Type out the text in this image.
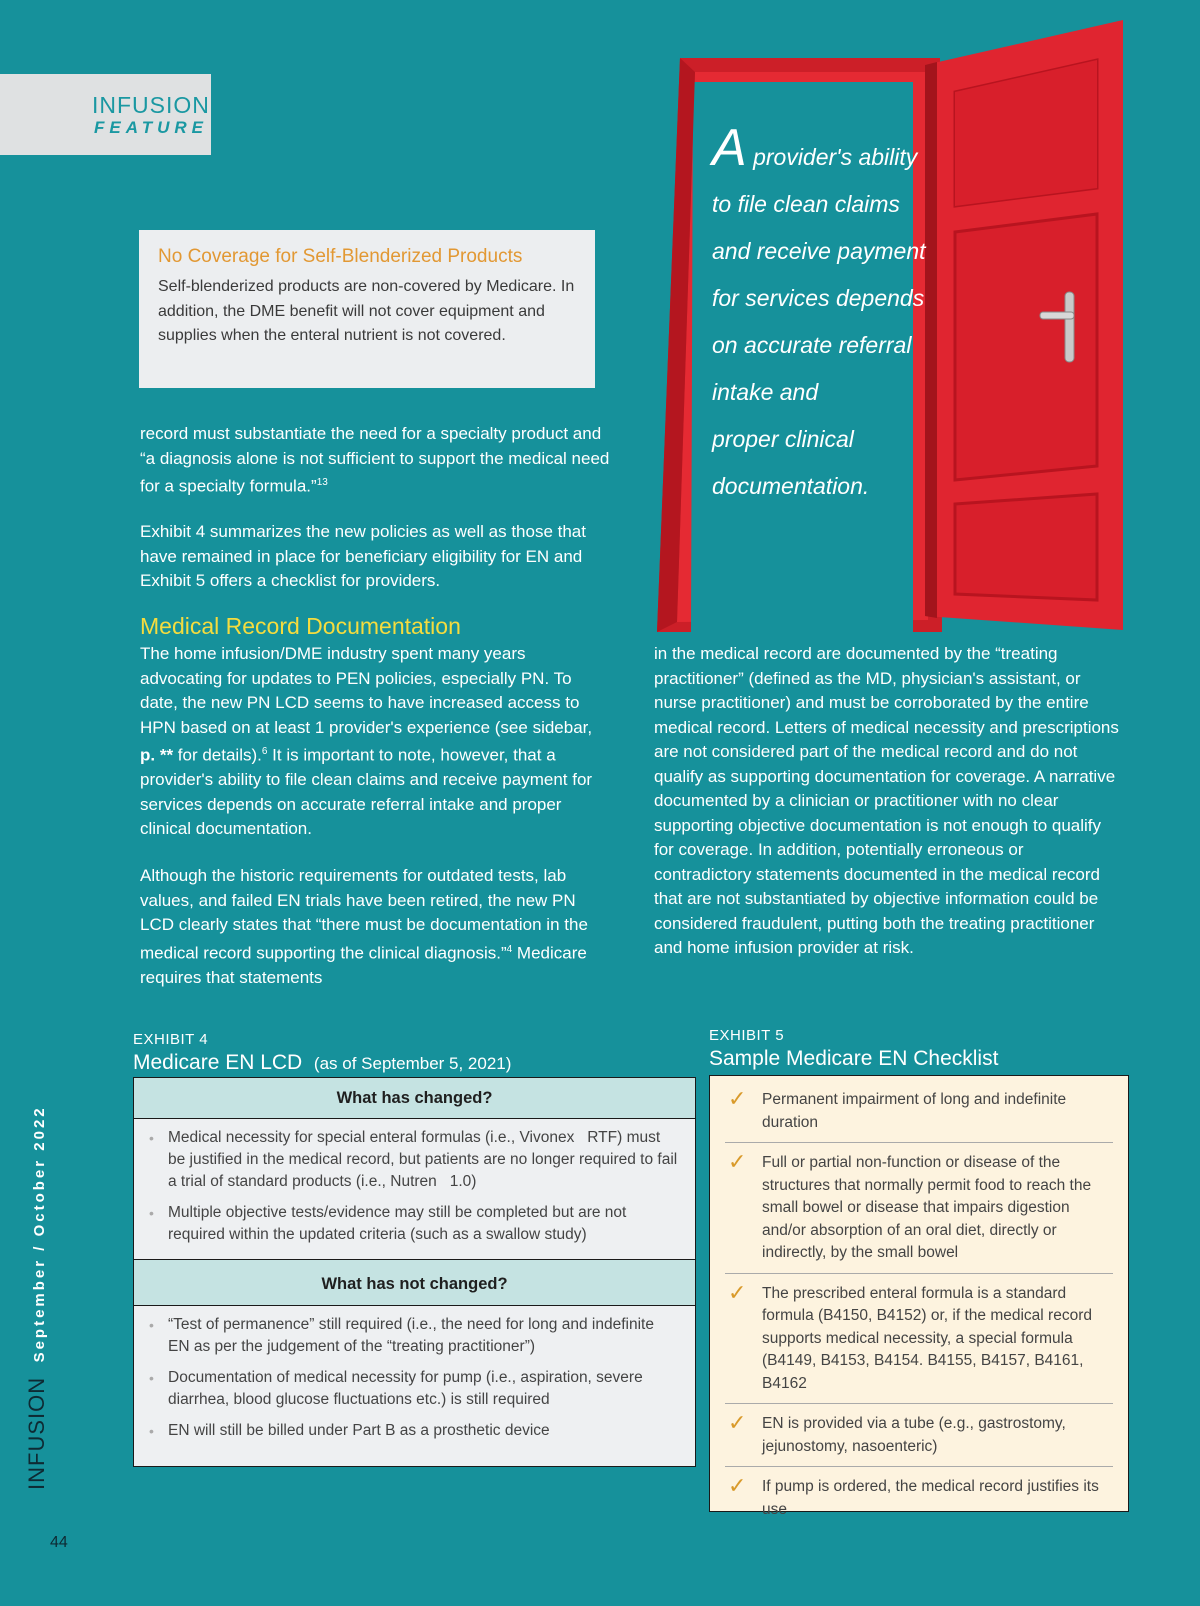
INFUSION
FEATURE	A provider's ability
to file clean claims
and receive payment
for services depends
on accurate referral
intake and
proper clinical
documentation.
No Coverage for Self-Blenderized Products

Self-blenderized products are non-covered by Medicare. In addition, the DME benefit will not cover equipment and supplies when the enteral nutrient is not covered.

record must substantiate the need for a specialty product and “a diagnosis alone is not sufficient to support the medical need for a specialty formula.”$^{13}$

Exhibit 4 summarizes the new policies as well as those that have remained in place for beneficiary eligibility for EN and Exhibit 5 offers a checklist for providers.

Medical Record Documentation

The home infusion/DME industry spent many years advocating for updates to PEN policies, especially PN. To date, the new PN LCD seems to have increased access to HPN based on at least 1 provider's experience (see sidebar, p. ** for details).$^6$ It is important to note, however, that a provider's ability to file clean claims and receive payment for services depends on accurate referral intake and proper clinical documentation.

Although the historic requirements for outdated tests, lab values, and failed EN trials have been retired, the new PN LCD clearly states that “there must be documentation in the medical record supporting the clinical diagnosis.”$^4$ Medicare requires that statements

in the medical record are documented by the “treating practitioner” (defined as the MD, physician's assistant, or nurse practitioner) and must be corroborated by the entire medical record. Letters of medical necessity and prescriptions are not considered part of the medical record and do not qualify as supporting documentation for coverage. A narrative documented by a clinician or practitioner with no clear supporting objective documentation is not enough to qualify for coverage. In addition, potentially erroneous or contradictory statements documented in the medical record that are not substantiated by objective information could be considered fraudulent, putting both the treating practitioner and home infusion provider at risk.

EXHIBIT 4

Medicare EN LCD (as of September 5, 2021)
What has changed?
• Medical necessity for special enteral formulas (i.e., Vivonex   RTF) must be justified in the medical record, but patients are no longer required to fail a trial of standard products (i.e., Nutren   1.0)
• Multiple objective tests/evidence may still be completed but are not required within the updated criteria (such as a swallow study)
What has not changed?
• “Test of permanence” still required (i.e., the need for long and indefinite EN as per the judgement of the “treating practitioner”)
• Documentation of medical necessity for pump (i.e., aspiration, severe diarrhea, blood glucose fluctuations etc.) is still required
• EN will still be billed under Part B as a prosthetic device

EXHIBIT 5

Sample Medicare EN Checklist
✓ Permanent impairment of long and indefinite duration
✓ Full or partial non-function or disease of the structures that normally permit food to reach the small bowel or disease that impairs digestion and/or absorption of an oral diet, directly or indirectly, by the small bowel
✓ The prescribed enteral formula is a standard formula (B4150, B4152) or, if the medical record supports medical necessity, a special formula (B4149, B4153, B4154. B4155, B4157, B4161, B4162
✓ EN is provided via a tube (e.g., gastrostomy, jejunostomy, nasoenteric)
✓ If pump is ordered, the medical record justifies its use
INFUSION September / October 2022
44
